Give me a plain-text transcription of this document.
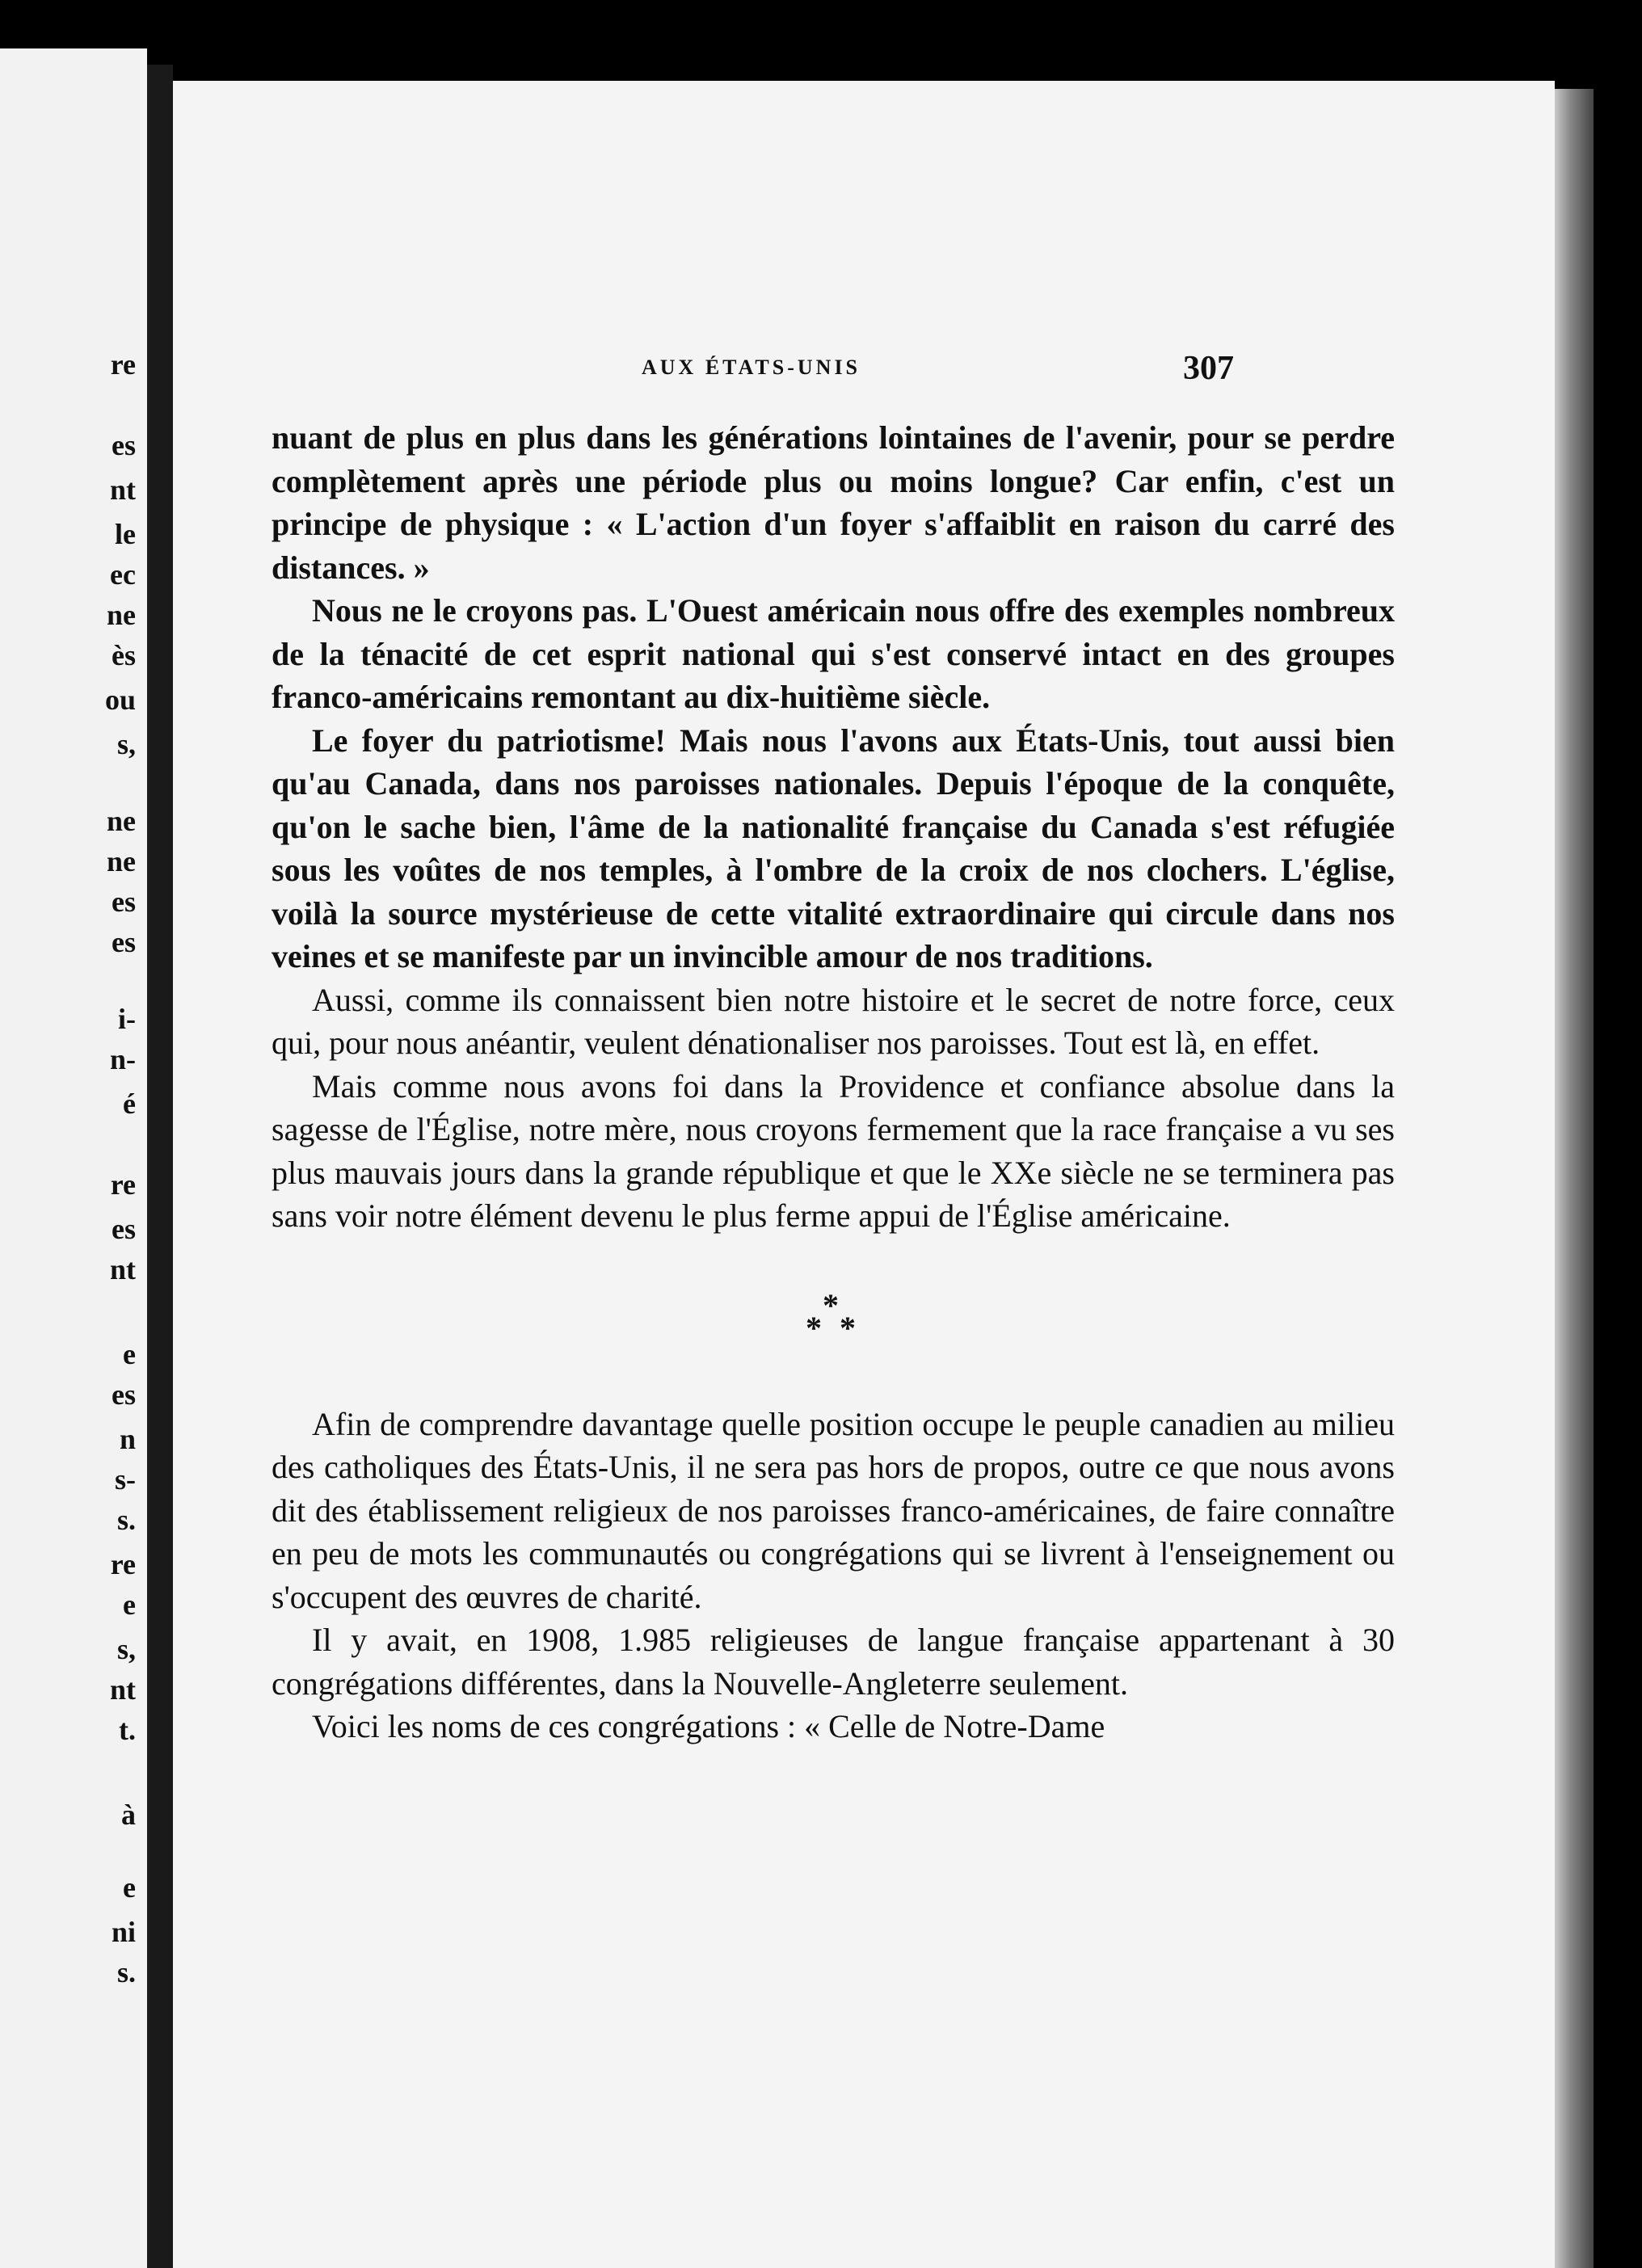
re
es
nt
le
ec
ne
ès
ou
s,
ne
ne
es
es
i-
n-
é
re
es
nt
e
es
n
s-
s.
re
e
s,
nt
t.
à
e
ni
s.
AUX ÉTATS-UNIS	307

nuant de plus en plus dans les générations lointaines de l'avenir, pour se perdre complètement après une période plus ou moins longue? Car enfin, c'est un principe de physique : « L'action d'un foyer s'affaiblit en raison du carré des distances. »

Nous ne le croyons pas. L'Ouest américain nous offre des exemples nombreux de la ténacité de cet esprit national qui s'est conservé intact en des groupes franco-américains remontant au dix-huitième siècle.

Le foyer du patriotisme! Mais nous l'avons aux États-Unis, tout aussi bien qu'au Canada, dans nos paroisses nationales. Depuis l'époque de la conquête, qu'on le sache bien, l'âme de la nationalité française du Canada s'est réfugiée sous les voûtes de nos temples, à l'ombre de la croix de nos clochers. L'église, voilà la source mystérieuse de cette vitalité extraordinaire qui circule dans nos veines et se manifeste par un invincible amour de nos traditions.

Aussi, comme ils connaissent bien notre histoire et le secret de notre force, ceux qui, pour nous anéantir, veulent dénationaliser nos paroisses. Tout est là, en effet.

Mais comme nous avons foi dans la Providence et confiance absolue dans la sagesse de l'Église, notre mère, nous croyons fermement que la race française a vu ses plus mauvais jours dans la grande république et que le XXe siècle ne se terminera pas sans voir notre élément devenu le plus ferme appui de l'Église américaine.

*
* *

Afin de comprendre davantage quelle position occupe le peuple canadien au milieu des catholiques des États-Unis, il ne sera pas hors de propos, outre ce que nous avons dit des établissement religieux de nos paroisses franco-américaines, de faire connaître en peu de mots les communautés ou congrégations qui se livrent à l'enseignement ou s'occupent des œuvres de charité.

Il y avait, en 1908, 1.985 religieuses de langue française appartenant à 30 congrégations différentes, dans la Nouvelle-Angleterre seulement.

Voici les noms de ces congrégations : « Celle de Notre-Dame
